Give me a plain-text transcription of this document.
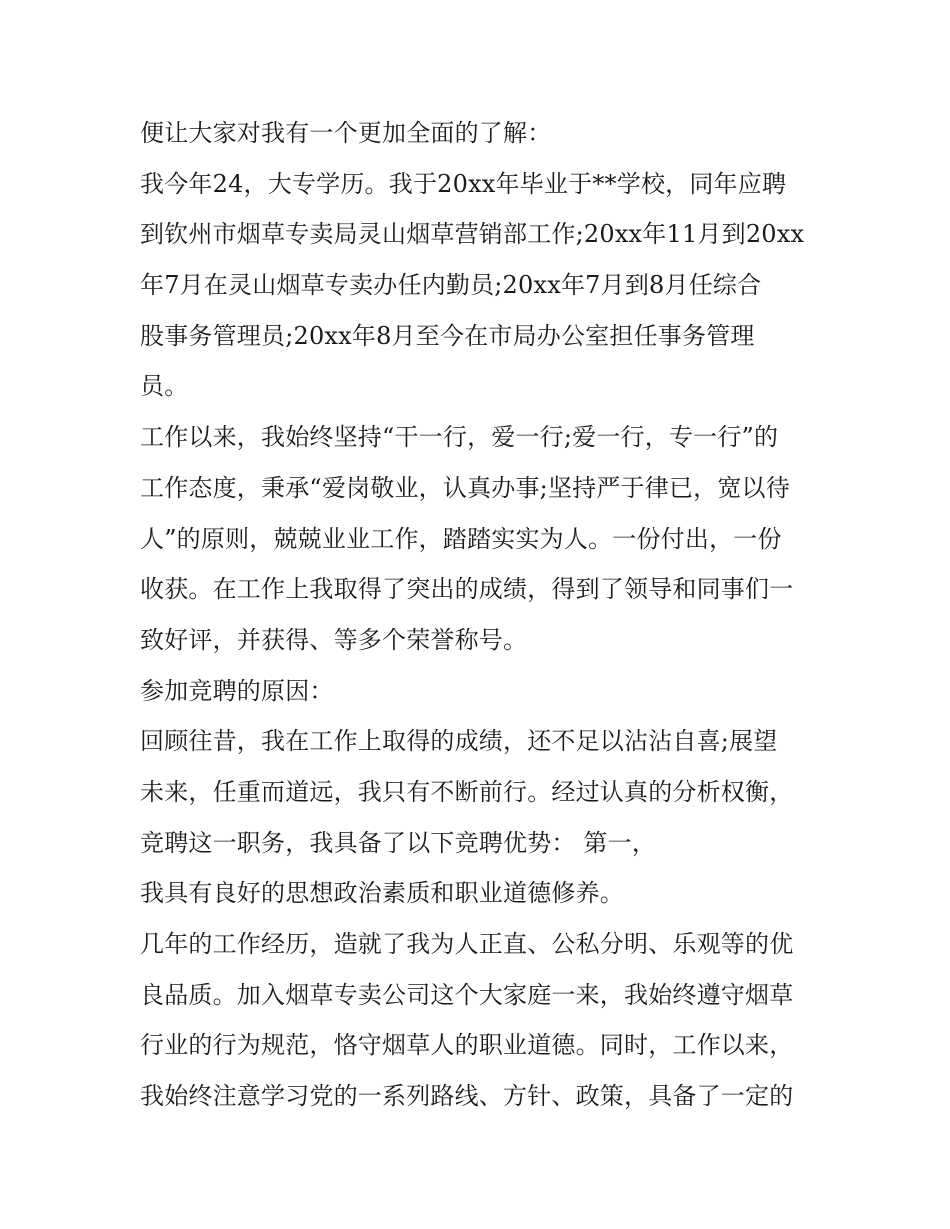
便让大家对我有一个更加全面的了解：
我今年24，大专学历。我于20xx年毕业于**学校，同年应聘
到钦州市烟草专卖局灵山烟草营销部工作;20xx年11月到20xx
年7月在灵山烟草专卖办任内勤员;20xx年7月到8月任综合
股事务管理员;20xx年8月至今在市局办公室担任事务管理
员。
工作以来，我始终坚持“干一行，爱一行;爱一行，专一行”的
工作态度，秉承“爱岗敬业，认真办事;坚持严于律已，宽以待
人”的原则，兢兢业业工作，踏踏实实为人。一份付出，一份
收获。在工作上我取得了突出的成绩，得到了领导和同事们一
致好评，并获得、等多个荣誉称号。
参加竞聘的原因：
回顾往昔，我在工作上取得的成绩，还不足以沾沾自喜;展望
未来，任重而道远，我只有不断前行。经过认真的分析权衡，
竞聘这一职务，我具备了以下竞聘优势： 第一，
我具有良好的思想政治素质和职业道德修养。
几年的工作经历，造就了我为人正直、公私分明、乐观等的优
良品质。加入烟草专卖公司这个大家庭一来，我始终遵守烟草
行业的行为规范，恪守烟草人的职业道德。同时，工作以来，
我始终注意学习党的一系列路线、方针、政策，具备了一定的
